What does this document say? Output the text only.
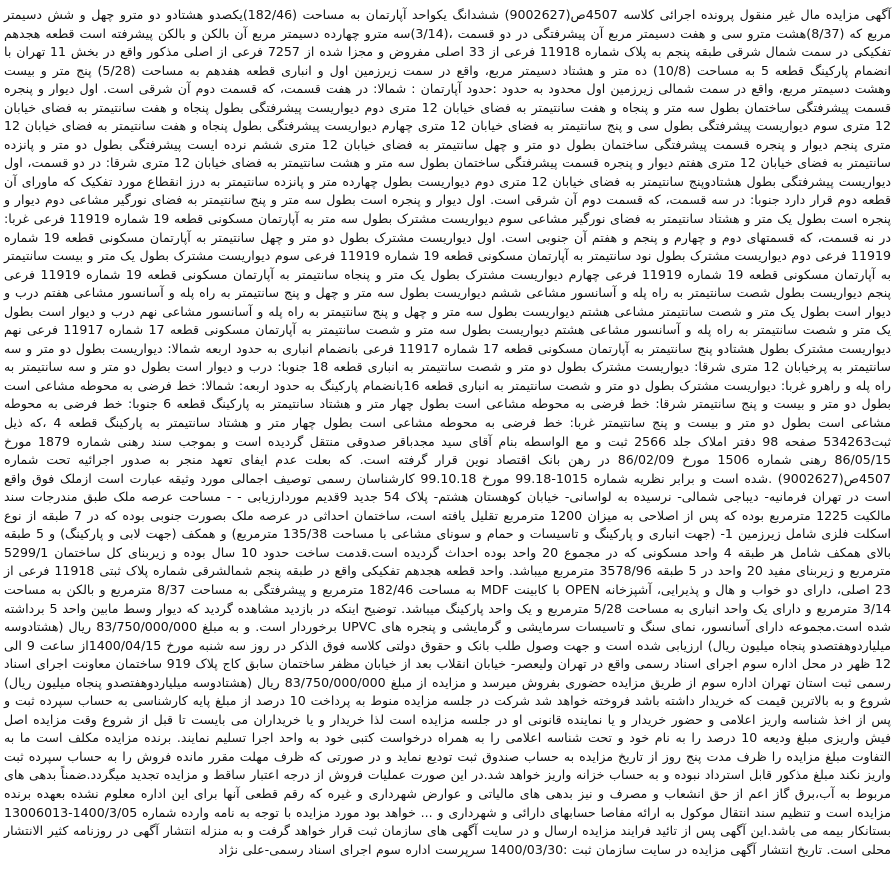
آگهی مزایده مال غیر منقول پرونده اجرائی کلاسه 4507ص(9002627) ششدانگ یکواحد آپارتمان به مساحت (182/46)یکصدو هشتادو دو مترو چهل و شش دسیمتر مربع که (8/37)هشت مترو سی و هفت دسیمتر مربع آن پیشرفتگی در دو قسمت ،(3/14)سه مترو چهارده دسیمتر مربع آن بالکن و بالکن پیشرفته است قطعه هجدهم تفکیکی در سمت شمال شرقی طبقه پنجم به پلاک شماره 11918 فرعی از 33 اصلی مفروض و مجزا شده از 7257 فرعی از اصلی مذکور واقع در بخش 11 تهران با انضمام پارکینگ قطعه 5 به مساحت (10/8) ده متر و هشتاد دسیمتر مربع، واقع در سمت زیرزمین اول و انباری قطعه هفدهم به مساحت (5/28) پنج متر و بیست وهشت دسیمتر مربع، واقع در سمت شمالی زیرزمین اول محدود به حدود :حدود آپارتمان : شمالا: در هفت قسمت، که قسمت دوم آن شرقی است. اول دیوار و پنجره قسمت پیشرفتگی ساختمان بطول سه متر و پنجاه و هفت سانتیمتر به فضای خیابان 12 متری دوم دیواریست پیشرفتگی بطول پنجاه و هفت سانتیمتر به فضای خیابان 12 متری سوم دیواریست پیشرفتگی بطول سی و پنج سانتیمتر به فضای خیابان 12 متری چهارم دیواریست پیشرفتگی بطول پنجاه و هفت سانتیمتر به فضای خیابان 12 متری پنجم دیوار و پنجره قسمت پیشرفتگی ساختمان بطول دو متر و چهل سانتیمتر به فضای خیابان 12 متری ششم نرده ایست پیشرفتگی بطول دو متر و پانزده سانتیمتر به فضای خیابان 12 متری هفتم دیوار و پنجره قسمت پیشرفتگی ساختمان بطول سه متر و هشت سانتیمتر به فضای خیابان 12 متری شرقا: در دو قسمت، اول دیواریست پیشرفتگی بطول هشتادوپنج سانتیمتر به فضای خیابان 12 متری دوم دیواریست بطول چهارده متر و پانزده سانتیمتر به درز انقطاع مورد تفکیک که ماورای آن قطعه دوم قرار دارد جنوبا: در سه قسمت، که قسمت دوم آن شرقی است. اول دیوار و پنجره است بطول سه متر و پنج سانتیمتر به فضای نورگیر مشاعی دوم دیوار و پنجره است بطول یک متر و هشتاد سانتیمتر به فضای نورگیر مشاعی سوم دیواریست مشترک بطول سه متر به آپارتمان مسکونی قطعه 19 شماره 11919 فرعی غربا: در نه قسمت، که قسمتهای دوم و چهارم و پنجم و هفتم آن جنوبی است. اول دیواریست مشترک بطول دو متر و چهل سانتیمتر به آپارتمان مسکونی قطعه 19 شماره 11919 فرعی دوم دیواریست مشترک بطول نود سانتیمتر به آپارتمان مسکونی قطعه 19 شماره 11919 فرعی سوم دیواریست مشترک بطول یک متر و بیست سانتیمتر به آپارتمان مسکونی قطعه 19 شماره 11919 فرعی چهارم دیواریست مشترک بطول یک متر و پنجاه سانتیمتر به آپارتمان مسکونی قطعه 19 شماره 11919 فرعی پنجم دیواریست بطول شصت سانتیمتر به راه پله و آسانسور مشاعی ششم دیواریست بطول سه متر و چهل و پنج سانتیمتر به راه پله و آسانسور مشاعی هفتم درب و دیوار است بطول یک متر و شصت سانتیمتر مشاعی هشتم دیواریست بطول سه متر و چهل و پنج سانتیمتر به راه پله و آسانسور مشاعی نهم درب و دیوار است بطول یک متر و شصت سانتیمتر به راه پله و آسانسور مشاعی هشتم دیواریست بطول سه متر و شصت سانتیمتر به آپارتمان مسکونی قطعه 17 شماره 11917 فرعی نهم دیواریست مشترک بطول هشتادو پنج سانتیمتر به آپارتمان مسکونی قطعه 17 شماره 11917 فرعی بانضمام انباری به حدود اربعه شمالا: دیواریست بطول دو متر و سه سانتیمتر به پرخیابان 12 متری شرقا: دیواریست مشترک بطول دو متر و شصت سانتیمتر به انباری قطعه 18 جنوبا: درب و دیوار است بطول دو متر و سه سانتیمتر به راه پله و راهرو غربا: دیواریست مشترک بطول دو متر و شصت سانتیمتر به انباری قطعه 16بانضمام پارکینگ به حدود اربعه: شمالا: خط فرضی به محوطه مشاعی است بطول دو متر و بیست و پنج سانتیمتر شرقا: خط فرضی به محوطه مشاعی است بطول چهار متر و هشتاد سانتیمتر به پارکینگ قطعه 6 جنوبا: خط فرضی به محوطه مشاعی است بطول دو متر و بیست و پنج سانتیمتر غربا: خط فرضی به محوطه مشاعی است بطول چهار متر و هشتاد سانتیمتر به پارکینگ قطعه 4 ،که ذیل ثبت534263 صفحه 98 دفتر املاک جلد 2566 ثبت و مع الواسطه بنام آقای سید مجدباقر صدوقی منتقل گردیده است و بموجب سند رهنی شماره 1879 مورخ 86/05/15 رهنی شماره 1506 مورخ 86/02/09 در رهن بانک اقتصاد نوین قرار گرفته است. که بعلت عدم ایفای تعهد منجر به صدور اجرائیه تحت شماره 4507ص(9002627) .شده است و برابر نظریه شماره 1015-99.18 مورخ 99.10.18 کارشناسان رسمی توصیف اجمالی مورد وثیقه عبارت است ازملک فوق واقع است در تهران فرمانیه- دیباجی شمالی- نرسیده به لواسانی- خیابان کوهستان هشتم- پلاک 54 جدید 9قدیم موردارزیابی - - مساحت عرصه ملک طبق مندرجات سند مالکیت 1225 مترمربع بوده که پس از اصلاحی به میزان 1200 مترمربع تقلیل یافته است، ساختمان احداثی در عرصه ملک بصورت جنوبی بوده که در 7 طبقه از نوع اسکلت فلزی شامل زیرزمین 1- (جهت انباری و پارکینگ و تاسیسات و حمام و سونای مشاعی با مساحت 135/38 مترمربع) و همکف (جهت لابی و پارکینگ) و 5 طبقه بالای همکف شامل هر طبقه 4 واحد مسکونی که در مجموع 20 واحد بوده احداث گردیده است.قدمت ساخت حدود 10 سال بوده و زیربنای کل ساختمان 5299/1 مترمربع و زیربنای مفید 20 واحد در 5 طبقه 3578/96 مترمربع میباشد. واحد قطعه هجدهم تفکیکی واقع در طبقه پنجم شمالشرقی شماره پلاک ثبتی 11918 فرعی از 23 اصلی، دارای دو خواب و هال و پذیرایی، آشپزخانه OPEN با کابینت MDF به مساحت 182/46 مترمربع و پیشرفتگی به مساحت 8/37 مترمربع و بالکن به مساحت 3/14 مترمربع و دارای یک واحد انباری به مساحت 5/28 مترمربع و یک واحد پارکینگ میباشد. توضیح اینکه در بازدید مشاهده گردید که دیوار وسط مابین واحد 5 برداشته شده است.مجموعه دارای آسانسور، نمای سنگ و تاسیسات سرمایشی و گرمایشی و پنجره های UPVC برخوردار است. و به مبلغ 83/750/000/000 ریال (هشتادوسه میلیاردوهفتصدو پنجاه میلیون ریال) ارزیابی شده است و جهت وصول طلب بانک و حقوق دولتی کلاسه فوق الذکر در روز سه شنبه مورخ 1400/04/15از ساعت 9 الی 12 ظهر در محل اداره سوم اجرای اسناد رسمی واقع در تهران ولیعصر- خیابان انقلاب بعد از خیابان مظفر ساختمان سابق کاج پلاک 919 ساختمان معاونت اجرای اسناد رسمی ثبت استان تهران اداره سوم از طریق مزایده حضوری بفروش میرسد و مزایده از مبلغ 83/750/000/000 ریال (هشتادوسه میلیاردوهفتصدو پنجاه میلیون ریال) شروع و به بالاترین قیمت که خریدار داشته باشد فروخته خواهد شد شرکت در جلسه مزایده منوط به پرداخت 10 درصد از مبلغ پایه کارشناسی به حساب سپرده ثبت و پس از اخذ شناسه واریز اعلامی و حضور خریدار و یا نماینده قانونی او در جلسه مزایده است لذا خریدار و یا خریداران می بایست تا قبل از شروع وقت مزایده اصل فیش واریزی مبلغ ودیعه 10 درصد را به نام خود و تحت شناسه اعلامی را به همراه درخواست کتبی خود به واحد اجرا تسلیم نمایند. برنده مزایده مکلف است ما به التفاوت مبلغ مزایده را ظرف مدت پنج روز از تاریخ مزایده به حساب صندوق ثبت تودیع نماید و در صورتی که ظرف مهلت مقرر مانده فروش را به حساب سپرده ثبت واریز نکند مبلغ مذکور قابل استرداد نبوده و به حساب خزانه واریز خواهد شد.در این صورت عملیات فروش از درجه اعتبار ساقط و مزایده تجدید میگردد.ضمناً بدهی های مربوط به آب،برق گاز اعم از حق انشعاب و مصرف و نیز بدهی های مالیاتی و عوارض شهرداری و غیره که رقم قطعی آنها برای این اداره معلوم نشده بعهده برنده مزایده است و تنظیم سند انتقال موکول به ارائه مفاصا حسابهای دارائی و شهرداری و ... خواهد بود مورد مزایده با توجه به نامه وارده شماره 1400/3/05-13006013 بستانکار بیمه می باشد.این آگهی پس از تائید فرایند مزایده ارسال و در سایت آگهی های سازمان ثبت قرار خواهد گرفت و به منزله انتشار آگهی در روزنامه کثیر الانتشار محلی است. تاریخ انتشار آگهی مزایده در سایت سازمان ثبت :1400/03/30 سرپرست اداره سوم اجرای اسناد رسمی-علی نژاد
